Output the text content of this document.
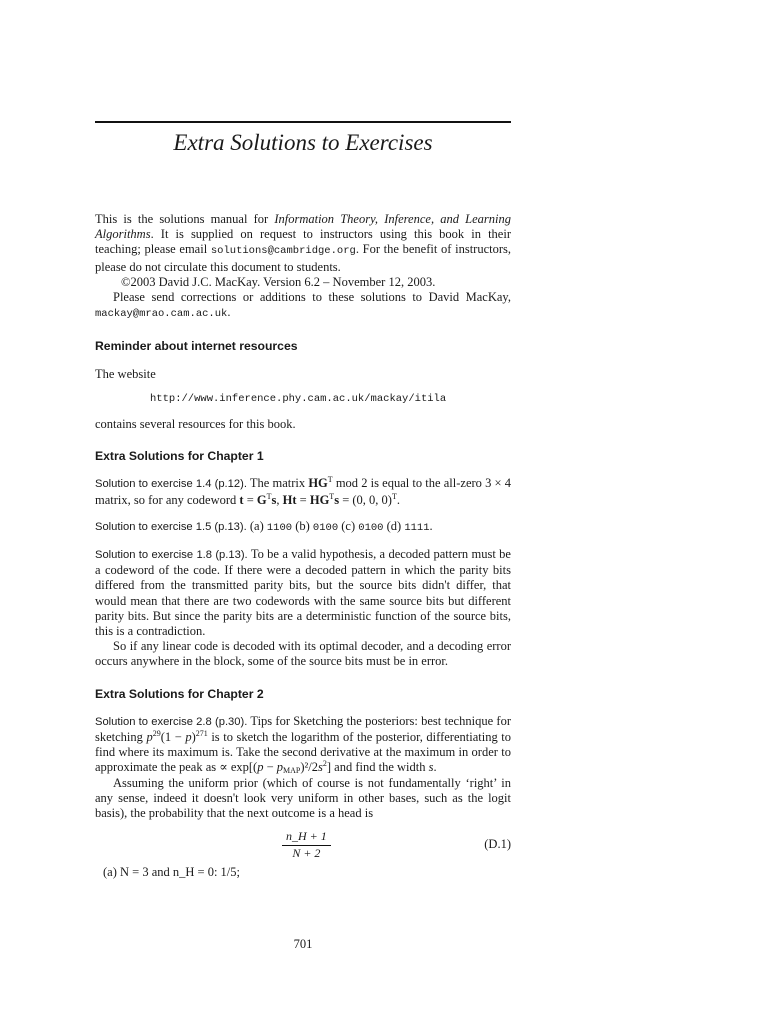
Extra Solutions to Exercises

This is the solutions manual for Information Theory, Inference, and Learning Algorithms. It is supplied on request to instructors using this book in their teaching; please email solutions@cambridge.org. For the benefit of instructors, please do not circulate this document to students.

©2003 David J.C. MacKay. Version 6.2 – November 12, 2003.

Please send corrections or additions to these solutions to David MacKay, mackay@mrao.cam.ac.uk.

Reminder about internet resources

The website

http://www.inference.phy.cam.ac.uk/mackay/itila

contains several resources for this book.

Extra Solutions for Chapter 1

Solution to exercise 1.4 (p.12). The matrix $HG^T$ mod 2 is equal to the all-zero 3 × 4 matrix, so for any codeword $t = G^Ts$, $Ht = HG^Ts = (0$, 0, 0)$^T$.

Solution to exercise 1.5 (p.13). (a) 1100 (b) 0100 (c) 0100 (d) 1111.

Solution to exercise 1.8 (p.13). To be a valid hypothesis, a decoded pattern must be a codeword of the code. If there were a decoded pattern in which the parity bits differed from the transmitted parity bits, but the source bits didn't differ, that would mean that there are two codewords with the same source bits but different parity bits. But since the parity bits are a deterministic function of the source bits, this is a contradiction.

So if any linear code is decoded with its optimal decoder, and a decoding error occurs anywhere in the block, some of the source bits must be in error.

Extra Solutions for Chapter 2

Solution to exercise 2.8 (p.30). Tips for Sketching the posteriors: best technique for sketching $p^{29}(1 - p)^{271}$ is to sketch the logarithm of the posterior, differentiating to find where its maximum is. Take the second derivative at the maximum in order to approximate the peak as ∝ $\exp[(p - p_{MAP})^2/2s^2]$ and find the width s.

Assuming the uniform prior (which of course is not fundamentally ‘right’ in any sense, indeed it doesn't look very uniform in other bases, such as the logit basis), the probability that the next outcome is a head is

$\frac{n\_H + 1}{N + 2}$	(D.1)

(a) N = 3 and n_H = 0: 1/5;

701
